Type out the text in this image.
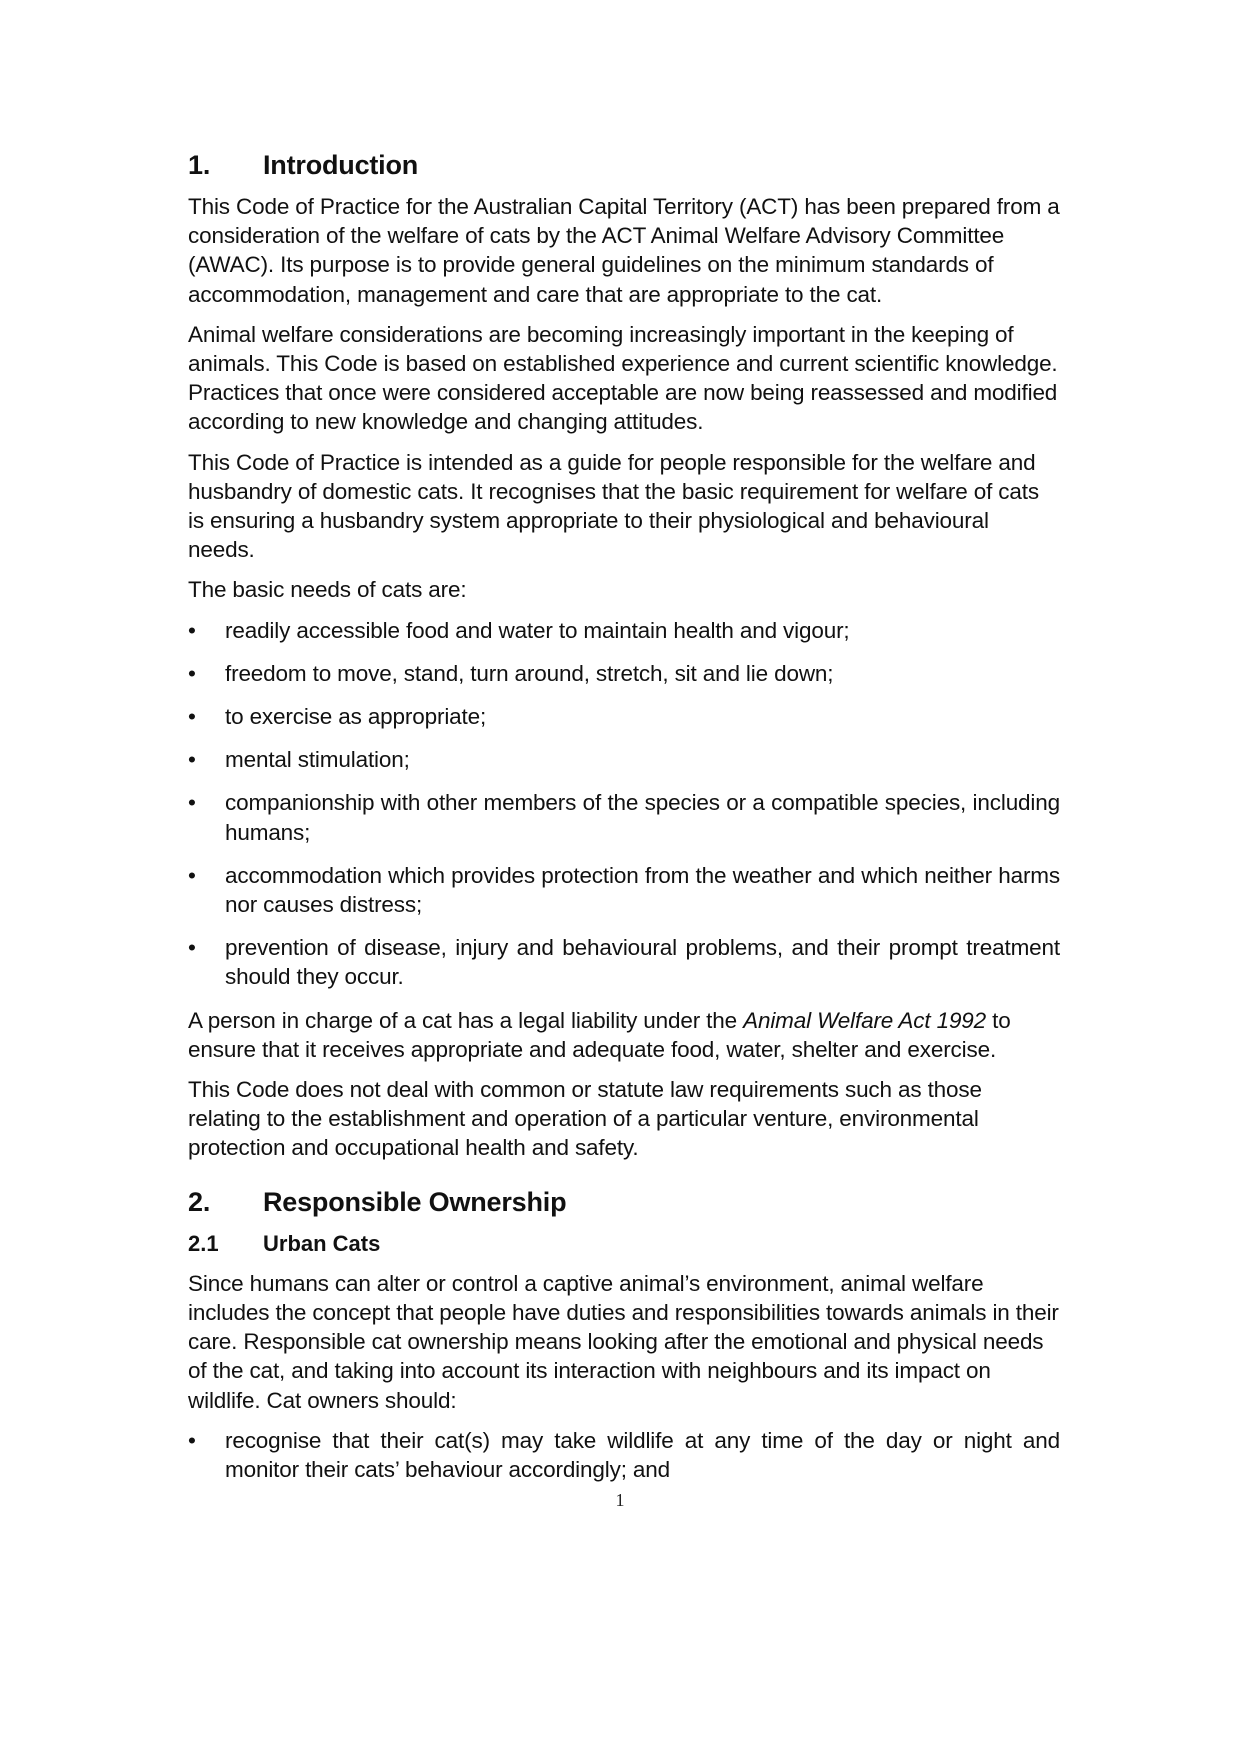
1.	Introduction

This Code of Practice for the Australian Capital Territory (ACT) has been prepared from a consideration of the welfare of cats by the ACT Animal Welfare Advisory Committee (AWAC). Its purpose is to provide general guidelines on the minimum standards of accommodation, management and care that are appropriate to the cat.

Animal welfare considerations are becoming increasingly important in the keeping of animals. This Code is based on established experience and current scientific knowledge. Practices that once were considered acceptable are now being reassessed and modified according to new knowledge and changing attitudes.

This Code of Practice is intended as a guide for people responsible for the welfare and husbandry of domestic cats. It recognises that the basic requirement for welfare of cats is ensuring a husbandry system appropriate to their physiological and behavioural needs.

The basic needs of cats are:

•	readily accessible food and water to maintain health and vigour;
•	freedom to move, stand, turn around, stretch, sit and lie down;
•	to exercise as appropriate;
•	mental stimulation;
•	companionship with other members of the species or a compatible species, including humans;
•	accommodation which provides protection from the weather and which neither harms nor causes distress;
•	prevention of disease, injury and behavioural problems, and their prompt treatment should they occur.

A person in charge of a cat has a legal liability under the Animal Welfare Act 1992 to ensure that it receives appropriate and adequate food, water, shelter and exercise.

This Code does not deal with common or statute law requirements such as those relating to the establishment and operation of a particular venture, environmental protection and occupational health and safety.

2.	Responsible Ownership
2.1	Urban Cats

Since humans can alter or control a captive animal’s environment, animal welfare includes the concept that people have duties and responsibilities towards animals in their care. Responsible cat ownership means looking after the emotional and physical needs of the cat, and taking into account its interaction with neighbours and its impact on wildlife. Cat owners should:

•	recognise that their cat(s) may take wildlife at any time of the day or night and monitor their cats’ behaviour accordingly; and
1
